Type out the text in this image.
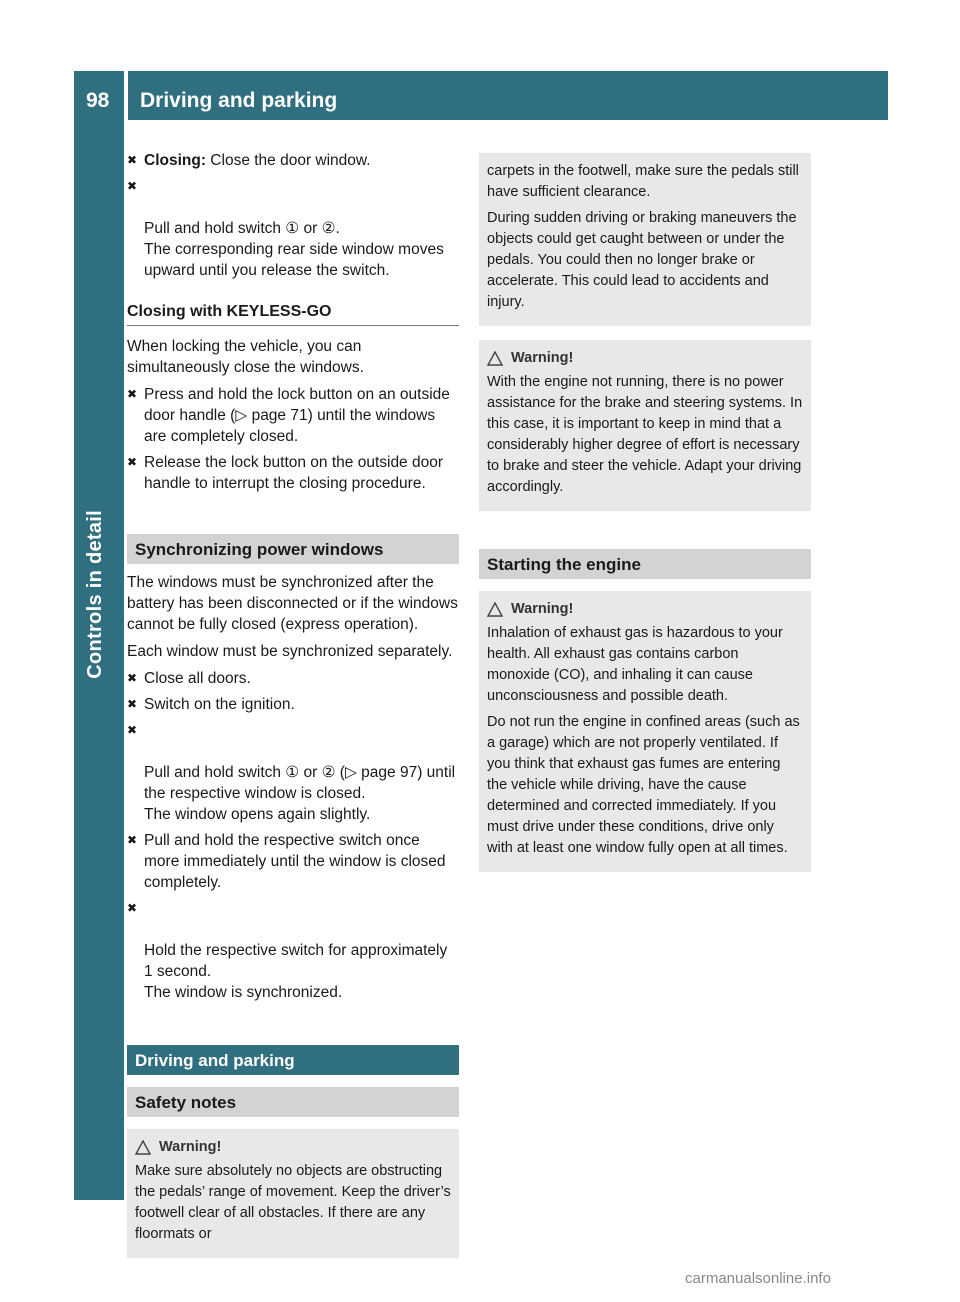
98	Driving and parking
Controls in detail
✖ Closing: Close the door window.

✖

Pull and hold switch ① or ②.
The corresponding rear side window moves upward until you release the switch.

Closing with KEYLESS-GO
When locking the vehicle, you can simultaneously close the windows.
✖ Press and hold the lock button on an outside door handle (▷ page 71) until the windows are completely closed.
✖ Release the lock button on the outside door handle to interrupt the closing procedure.
Synchronizing power windows
The windows must be synchronized after the battery has been disconnected or if the windows cannot be fully closed (express operation).
Each window must be synchronized separately.
✖ Close all doors.
✖ Switch on the ignition.

✖

Pull and hold switch ① or ② (▷ page 97) until the respective window is closed.
The window opens again slightly.

✖ Pull and hold the respective switch once more immediately until the window is closed completely.

✖

Hold the respective switch for approximately 1 second.
The window is synchronized.

Driving and parking
Safety notes
Warning!

Make sure absolutely no objects are obstructing the pedals’ range of movement. Keep the driver’s footwell clear of all obstacles. If there are any floormats or

carpets in the footwell, make sure the pedals still have sufficient clearance.

During sudden driving or braking maneuvers the objects could get caught between or under the pedals. You could then no longer brake or accelerate. This could lead to accidents and injury.

Warning!

With the engine not running, there is no power assistance for the brake and steering systems. In this case, it is important to keep in mind that a considerably higher degree of effort is necessary to brake and steer the vehicle. Adapt your driving accordingly.

Starting the engine
Warning!

Inhalation of exhaust gas is hazardous to your health. All exhaust gas contains carbon monoxide (CO), and inhaling it can cause unconsciousness and possible death.

Do not run the engine in confined areas (such as a garage) which are not properly ventilated. If you think that exhaust gas fumes are entering the vehicle while driving, have the cause determined and corrected immediately. If you must drive under these conditions, drive only with at least one window fully open at all times.

carmanualsonline.info
